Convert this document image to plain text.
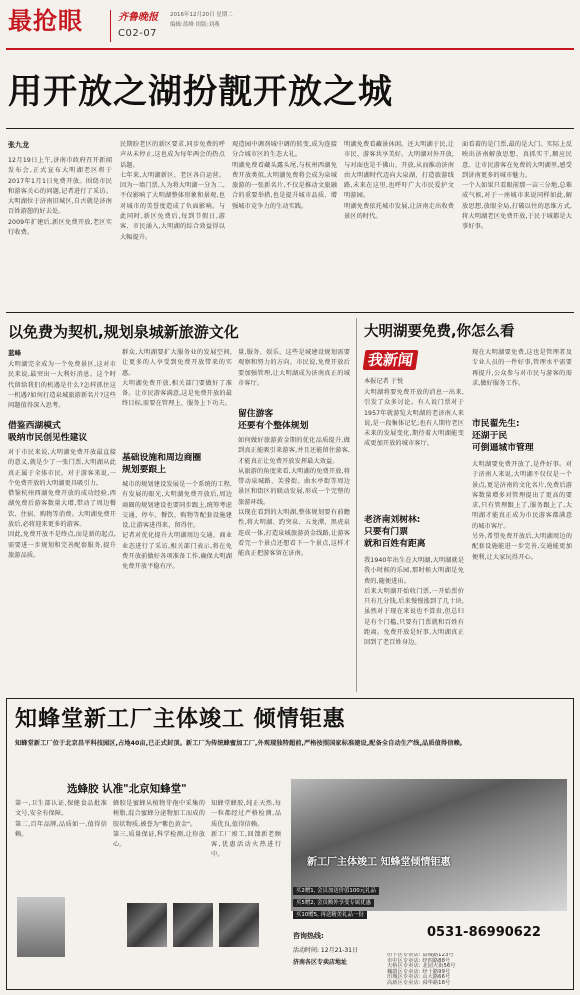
最抢眼	齐鲁晚报 2016年12月20日 星期二
编辑:蓝峰 组版:刘燕
C02-07
用开放之湖扮靓开放之城
张九龙
12月19日上午,济南市政府召开新闻发布会,正式宣布大明湖老区将于2017年1月1日免费开放。围绕市民和游客关心的问题,记者进行了采访。大明湖位于济南旧城区,自古就是济南百姓游憩的好去处。
2009年扩建后,新区免费开放,老区实行收费。
民期盼老区的新区要求,同步免费的呼声从未停止,这也成为每年两会的热点话题。
七年来,大明湖新区、老区各自运营。因为一墙门票,人为将大明湖一分为二,不仅影响了大明湖整体形象和景观,也对城市的美誉度造成了负面影响。与此同时,新区免费后,每到节假日,游客、市民涌入,大明湖的综合效益得以大幅提升。
观造园中调剂城中调的转变,成为连接分合城市区的生态大礼。
明湖免费看藏头露头尾,与杭州西湖免费开放类似,大明湖免费将会成为泉城旅游的一张新名片,不仅是推动文旅融合的重要举措,也是提升城市品质、增强城市竞争力的生动实践。
明湖免费看藏景休闲。还大明湖于民,让市民、游客共享美好。大明湖对外开放,与对面也是千佛山、开放,从而推动济南由大明湖时代迈向大泉湖、打造旅游线路,未来在这里,也呼吁广大市民爱护文明游园。
明湖免费依托城市发展,让济南走出收费景区的时代。
面看着的是门票,最的是大门。实际上反映出济南解放思想、真抓实干,顺应民意。让市民游客在免费的大明湖里,感受到济南更多的城市魅力。
一个人如果只看眼前那一亩三分地,总难成气候,对于一座城市来说同样如此,解放思想,放眼全局,打破以往的思维方式,将大明湖老区免费开放,于民于城都是大事好事。
以免费为契机,规划泉城新旅游文化
蓝峰
大明湖完全成为一个免费景区,这对市民来说,最突出一大利好消息。这个时代留给我们的机遇是什么?怎样抓住这一机遇?如何打造泉城旅游新名片?这些问题值得深入思考。
借鉴西湖模式
吸纳市民创见性建议
对于市民来说,大明湖免费开放最直接的意义,就是少了一张门票,大明湖从此真正属于全体市民。对于游客来说,一个免费开放的大明湖更具吸引力。
借鉴杭州西湖免费开放的成功经验,西湖免费后游客数量大增,带动了周边餐饮、住宿、购物等消费。大明湖免费开放后,必将迎来更多的游客。
因此,免费开放不是终点,而是新的起点,需要进一步规划和完善配套服务,提升旅游品质。
群众,大明湖要扩大服务业的发展空间,让更多的人享受到免费开放带来的实惠。
大明湖免费开放,相关部门要做好了准备。让市民游客满意,这是免费开放的最终目标,需要在管理上、服务上下功夫。
基础设施和周边商圈
规划要跟上
城市的规划建设发展是一个系统的工程,有发展的眼光,大明湖免费开放后,周边商圈的规划建设也要同步跟上,统筹考虑交通、停车、餐饮、购物等配套设施建设,让游客进得来、留得住。
记者对优化提升大明湖周边交通、商业业态进行了采访,相关部门表示,将在免费开放前做好各项准备工作,确保大明湖免费开放平稳有序。
量,服务、娱乐、这些是城建设规划需要观察和努力的方向。市民说,免费开放后要加强管理,让大明湖成为济南真正的城市客厅。
留住游客
还要有个整体规划
如何做好旅游黄金期的优化品质提升,做到真正能吸引来游客,并且还能留住游客,才能真正让免费开放发挥最大效益。
从旅游的角度来看,大明湖的免费开放,将带动泉城路、芙蓉街、曲水亭街等周边景区和街区的联动发展,形成一个完整的旅游环线。
以现在看到的大明湖,整体规划要有前瞻性,将大明湖、趵突泉、五龙潭、黑虎泉连成一体,打造泉城旅游黄金线路,让游客看完一个景点还想看下一个景点,这样才能真正把游客留在济南。
大明湖要免费,你怎么看
我新闻
本报记者 于悦
大明湖将要免费开放的消息一出来,引发了众多讨论。有人说门票对于1957年就游览大明湖的老济南人来说,是一段集体记忆;也有人期待老区未来的发展变化,期待着大明湖能变成更加开放的城市客厅。
老济南刘树林:
只要有门票
就和百姓有距离
我1940年出生在大明湖,大明湖就是我小时候的乐园,那时候大明湖是免费的,随便进出。
后来大明湖开始收门票,一开始票价只有几分钱,后来慢慢涨到了几十块,虽然对于现在来说也不算贵,但总归是有个门槛,只要有门票就和百姓有距离。免费开放是好事,大明湖真正回到了老百姓身边。
现在大明湖要免费,这也是管理者及专业人员的一件好事,管理水平需要再提升,公众参与对市民与游客的需求,做好服务工作。
市民翟先生:
还湖于民
可倒逼城市管理
大明湖要免费开放了,是件好事。对于济南人来说,大明湖不仅仅是一个景点,更是济南的文化名片,免费后游客数量增多对管理提出了更高的要求,只有管理跟上了,服务跟上了,大明湖才能真正成为市民游客都满意的城市客厅。
另外,希望免费开放后,大明湖周边的配套设施能进一步完善,交通能更加便利,让大家玩得开心。
知蜂堂新工厂主体竣工 倾情钜惠
知蜂堂新工厂位于北京昌平科技园区,占地40亩,已正式封顶。新工厂为传统蜂蜜加工厂,外观现独特超前,严格按照国家标准建设,配备全自动生产线,品质值得信赖。
选蜂胶 认准"北京知蜂堂"
第一,卫生部认证,保健食品批准文号,安全有保障。
第二,百年品牌,品质如一,值得信赖。
蜂胶是蜜蜂从植物芽孢中采集的树脂,混合蜜蜂分泌物加工而成的胶状物质,被誉为"紫色黄金"。
第三,质量保证,科学检测,让你放心。
知蜂堂蜂胶,纯正天然,每一粒都经过严格检测,品质优良,值得信赖。
新工厂竣工,回馈新老顾客,优惠活动火热进行中。
新工厂主体竣工 知蜂堂倾情钜惠
买2赠1, 会员加送价值100元礼品
买5赠2, 会员额外享受专属优惠
买10赠5, 再送精美礼品一份
咨询热线:	0531-86990622
活动时间: 12月21-31日
济南各区专卖店地址
历下区专卖店: 泉城路123号
市中区专卖店: 经四路88号
天桥区专卖店: 北园大街56号
槐荫区专卖店: 经十路99号
历城区专卖店: 山大路66号
高新区专卖店: 舜华路18号
